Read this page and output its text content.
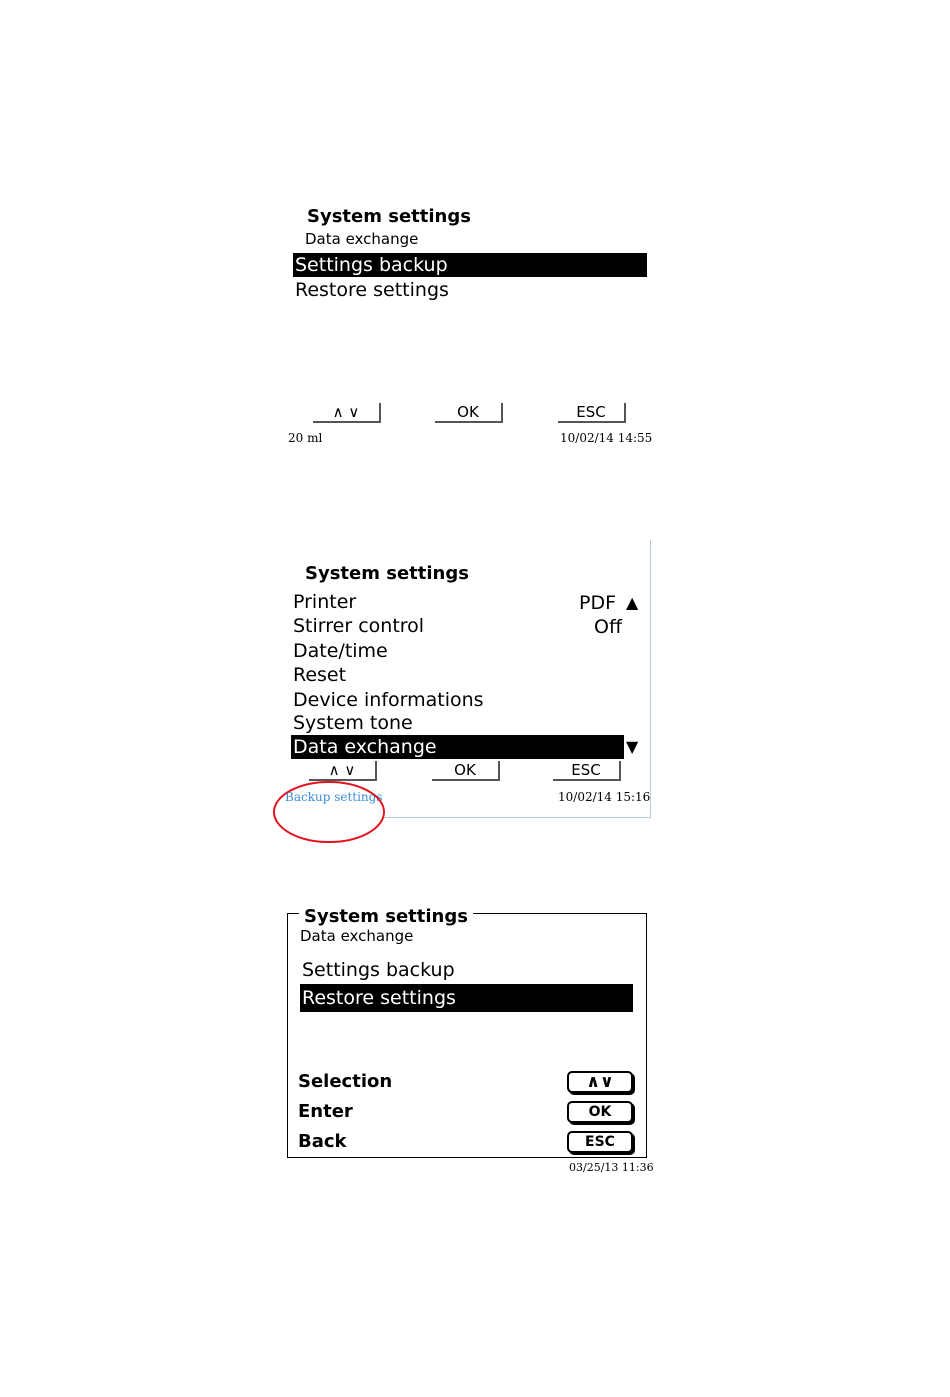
System settings
Data exchange
Settings backup
Restore settings
∧ ∨	OK	ESC
20 ml	10/02/14 14:55
System settings
Printer	PDF ▲
Stirrer control	Off
Date/time
Reset
Device informations
System tone
Data exchange	▼
∧ ∨	OK	ESC
Backup settings	10/02/14 15:16
System settings
Data exchange
Settings backup
Restore settings
Selection	∧∨
Enter	OK
Back	ESC
03/25/13 11:36
